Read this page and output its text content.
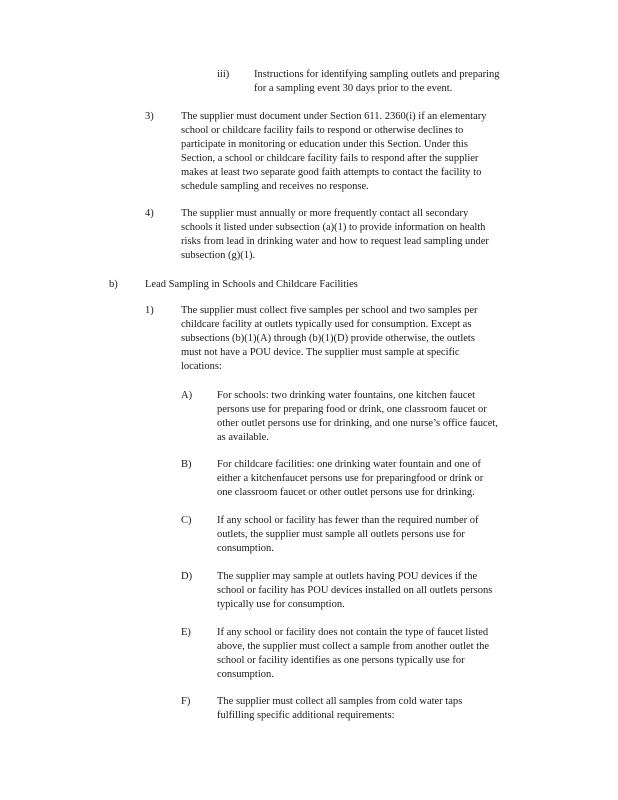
iii) Instructions for identifying sampling outlets and preparing
for a sampling event 30 days prior to the event.
3)	The supplier must document under Section 611. 2360(i) if an elementary
school or childcare facility fails to respond or otherwise declines to
participate in monitoring or education under this Section. Under this
Section, a school or childcare facility fails to respond after the supplier
makes at least two separate good faith attempts to contact the facility to
schedule sampling and receives no response.
4)	The supplier must annually or more frequently contact all secondary
schools it listed under subsection (a)(1) to provide information on health
risks from lead in drinking water and how to request lead sampling under
subsection (g)(1).
b)	Lead Sampling in Schools and Childcare Facilities
1)	The supplier must collect five samples per school and two samples per
childcare facility at outlets typically used for consumption. Except as
subsections (b)(1)(A) through (b)(1)(D) provide otherwise, the outlets
must not have a POU device. The supplier must sample at specific
locations:
A) For schools: two drinking water fountains, one kitchen faucet
persons use for preparing food or drink, one classroom faucet or
other outlet persons use for drinking, and one nurse’s office faucet,
as available.
B) For childcare facilities: one drinking water fountain and one of
either a kitchenfaucet persons use for preparingfood or drink or
one classroom faucet or other outlet persons use for drinking.
C) If any school or facility has fewer than the required number of
outlets, the supplier must sample all outlets persons use for
consumption.
D) The supplier may sample at outlets having POU devices if the
school or facility has POU devices installed on all outlets persons
typically use for consumption.
E) If any school or facility does not contain the type of faucet listed
above, the supplier must collect a sample from another outlet the
school or facility identifies as one persons typically use for
consumption.
F)	The supplier must collect all samples from cold water taps
fulfilling specific additional requirements:
